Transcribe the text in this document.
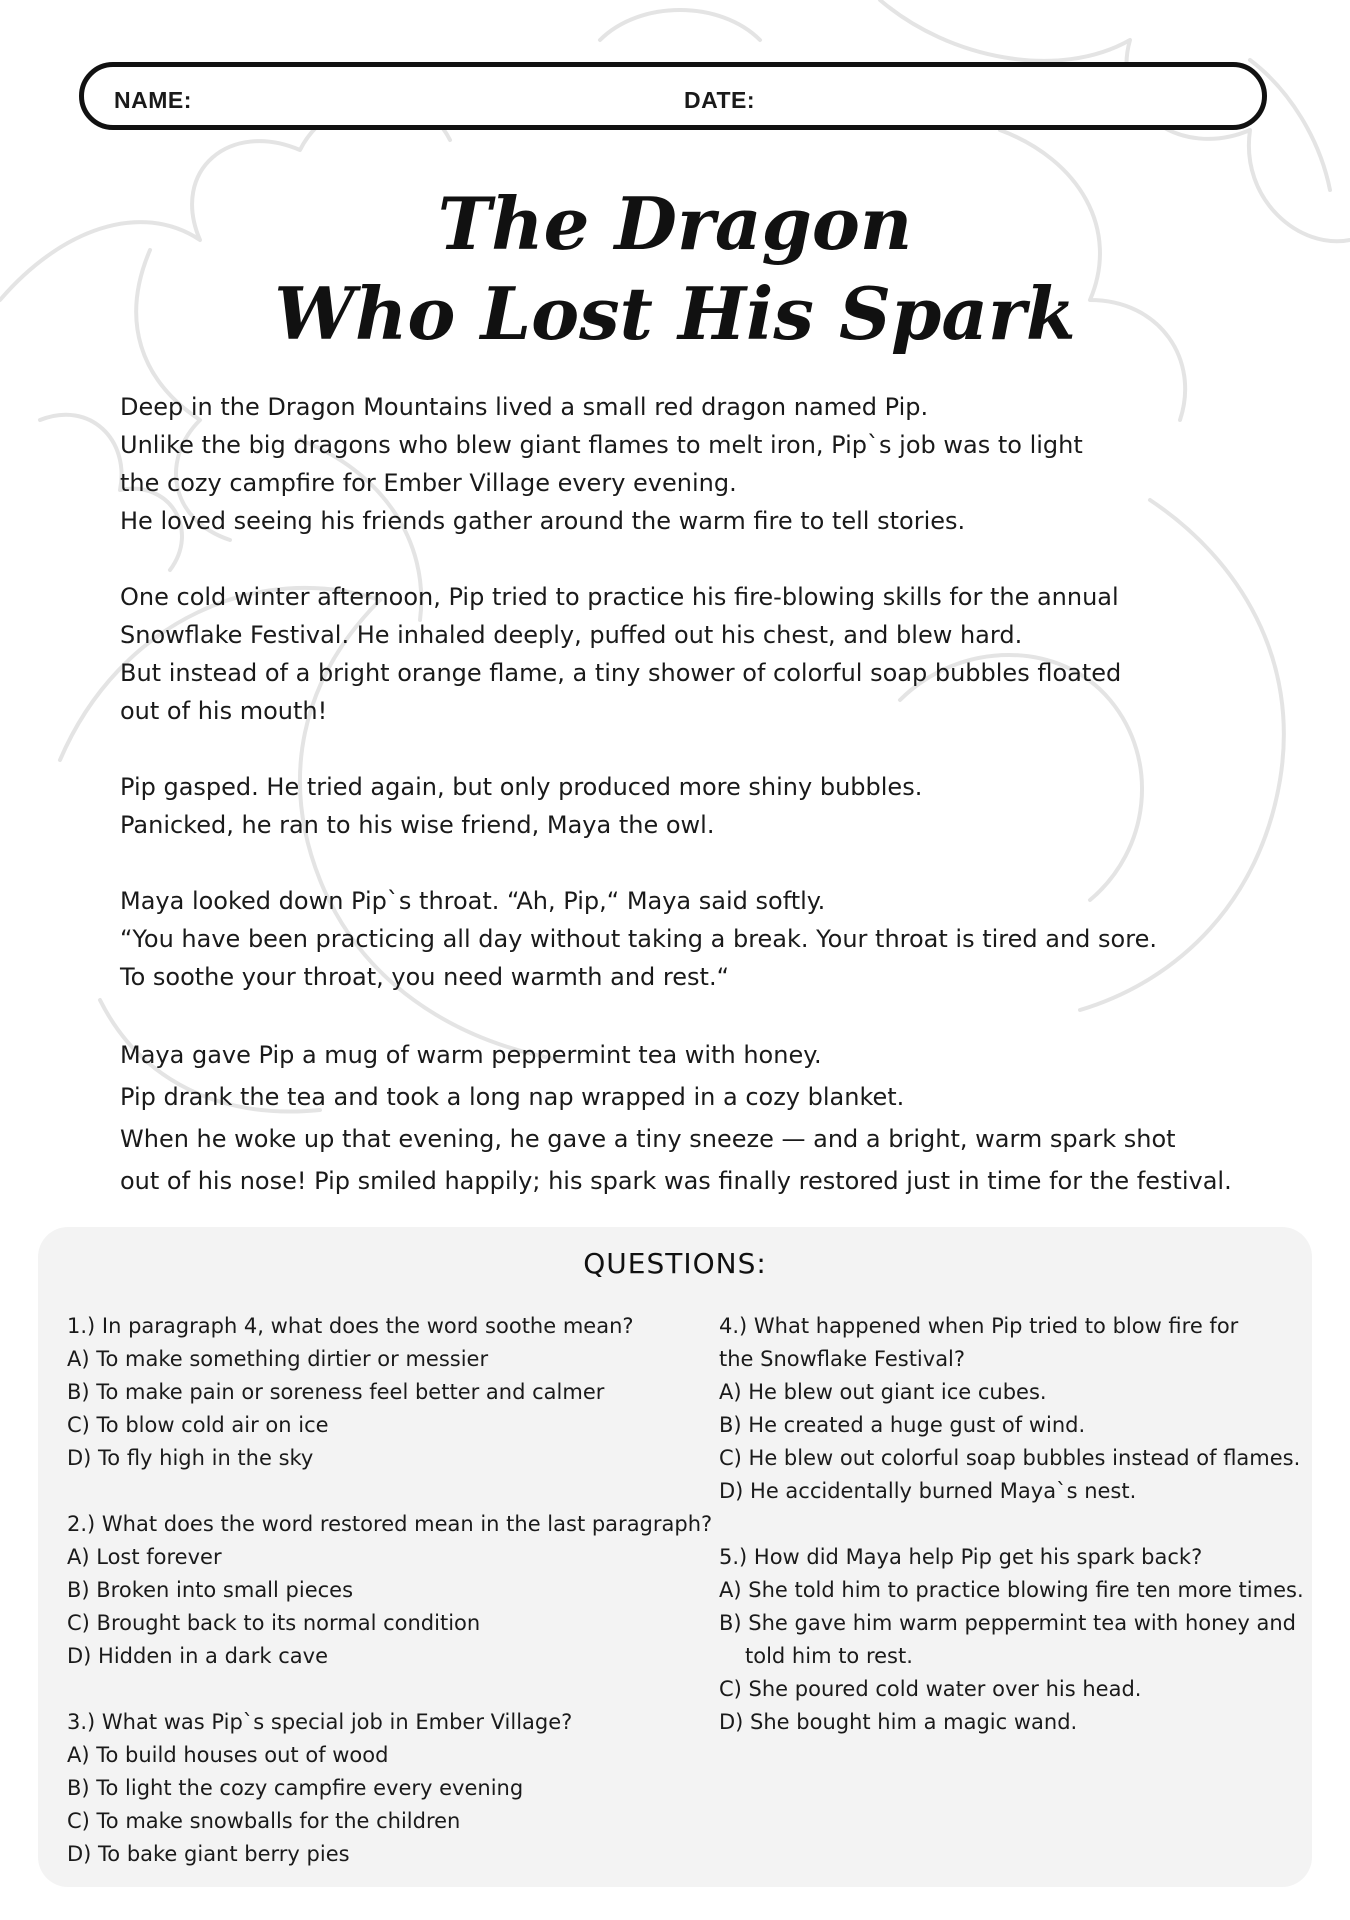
NAME:	DATE:
The Dragon
Who Lost His Spark
Deep in the Dragon Mountains lived a small red dragon named Pip.
Unlike the big dragons who blew giant flames to melt iron, Pip`s job was to light
the cozy campfire for Ember Village every evening.
He loved seeing his friends gather around the warm fire to tell stories.
One cold winter afternoon, Pip tried to practice his fire-blowing skills for the annual
Snowflake Festival. He inhaled deeply, puffed out his chest, and blew hard.
But instead of a bright orange flame, a tiny shower of colorful soap bubbles floated
out of his mouth!
Pip gasped. He tried again, but only produced more shiny bubbles.
Panicked, he ran to his wise friend, Maya the owl.
Maya looked down Pip`s throat. “Ah, Pip,“ Maya said softly.
“You have been practicing all day without taking a break. Your throat is tired and sore.
To soothe your throat, you need warmth and rest.“
Maya gave Pip a mug of warm peppermint tea with honey.
Pip drank the tea and took a long nap wrapped in a cozy blanket.
When he woke up that evening, he gave a tiny sneeze — and a bright, warm spark shot
out of his nose! Pip smiled happily; his spark was finally restored just in time for the festival.
QUESTIONS:
1.) In paragraph 4, what does the word soothe mean?
A) To make something dirtier or messier
B) To make pain or soreness feel better and calmer
C) To blow cold air on ice
D) To fly high in the sky
2.) What does the word restored mean in the last paragraph?
A) Lost forever
B) Broken into small pieces
C) Brought back to its normal condition
D) Hidden in a dark cave
3.) What was Pip`s special job in Ember Village?
A) To build houses out of wood
B) To light the cozy campfire every evening
C) To make snowballs for the children
D) To bake giant berry pies
4.) What happened when Pip tried to blow fire for
the Snowflake Festival?
A) He blew out giant ice cubes.
B) He created a huge gust of wind.
C) He blew out colorful soap bubbles instead of flames.
D) He accidentally burned Maya`s nest.
5.) How did Maya help Pip get his spark back?
A) She told him to practice blowing fire ten more times.
B) She gave him warm peppermint tea with honey and
told him to rest.
C) She poured cold water over his head.
D) She bought him a magic wand.
